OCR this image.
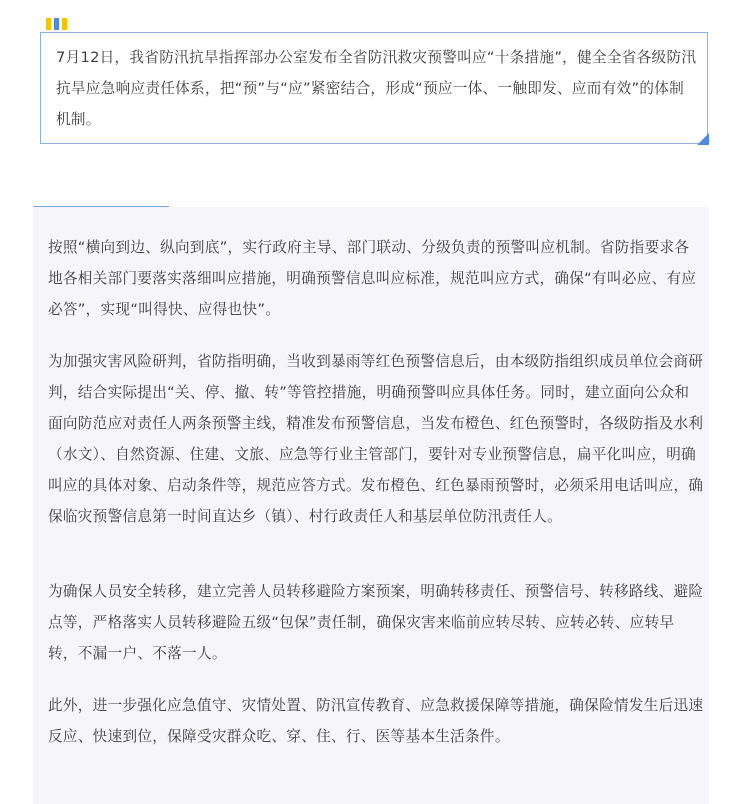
7月12日，我省防汛抗旱指挥部办公室发布全省防汛救灾预警叫应“十条措施”，健全全省各级防汛抗旱应急响应责任体系，把“预”与“应”紧密结合，形成“预应一体、一触即发、应而有效”的体制机制。

按照“横向到边、纵向到底”，实行政府主导、部门联动、分级负责的预警叫应机制。省防指要求各地各相关部门要落实落细叫应措施，明确预警信息叫应标准，规范叫应方式，确保“有叫必应、有应必答”，实现“叫得快、应得也快”。

为加强灾害风险研判，省防指明确，当收到暴雨等红色预警信息后，由本级防指组织成员单位会商研判，结合实际提出“关、停、撤、转”等管控措施，明确预警叫应具体任务。同时，建立面向公众和面向防范应对责任人两条预警主线，精准发布预警信息，当发布橙色、红色预警时，各级防指及水利（水文）、自然资源、住建、文旅、应急等行业主管部门，要针对专业预警信息，扁平化叫应，明确叫应的具体对象、启动条件等，规范应答方式。发布橙色、红色暴雨预警时，必须采用电话叫应，确保临灾预警信息第一时间直达乡（镇）、村行政责任人和基层单位防汛责任人。

为确保人员安全转移，建立完善人员转移避险方案预案，明确转移责任、预警信号、转移路线、避险点等，严格落实人员转移避险五级“包保”责任制，确保灾害来临前应转尽转、应转必转、应转早转，不漏一户、不落一人。

此外，进一步强化应急值守、灾情处置、防汛宣传教育、应急救援保障等措施，确保险情发生后迅速反应、快速到位，保障受灾群众吃、穿、住、行、医等基本生活条件。
